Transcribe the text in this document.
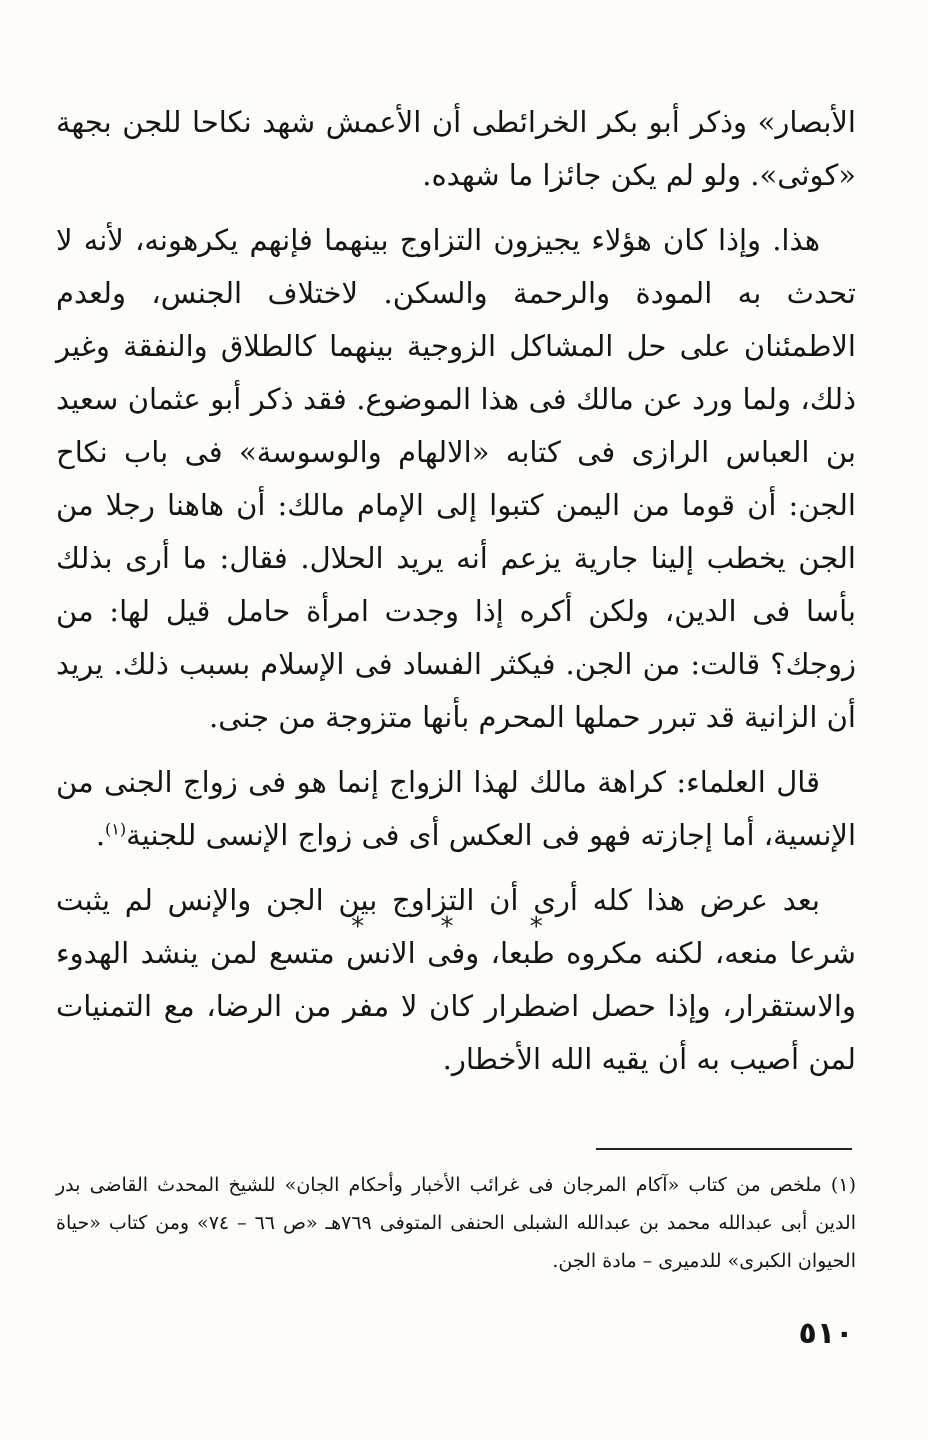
الأبصار» وذكر أبو بكر الخرائطى أن الأعمش شهد نكاحا للجن بجهة «كوثى». ولو لم يكن جائزا ما شهده.

هذا. وإذا كان هؤلاء يجيزون التزاوج بينهما فإنهم يكرهونه، لأنه لا تحدث به المودة والرحمة والسكن. لاختلاف الجنس، ولعدم الاطمئنان على حل المشاكل الزوجية بينهما كالطلاق والنفقة وغير ذلك، ولما ورد عن مالك فى هذا الموضوع. فقد ذكر أبو عثمان سعيد بن العباس الرازى فى كتابه «الالهام والوسوسة» فى باب نكاح الجن: أن قوما من اليمن كتبوا إلى الإمام مالك: أن هاهنا رجلا من الجن يخطب إلينا جارية يزعم أنه يريد الحلال. فقال: ما أرى بذلك بأسا فى الدين، ولكن أكره إذا وجدت امرأة حامل قيل لها: من زوجك؟ قالت: من الجن. فيكثر الفساد فى الإسلام بسبب ذلك. يريد أن الزانية قد تبرر حملها المحرم بأنها متزوجة من جنى.

قال العلماء: كراهة مالك لهذا الزواج إنما هو فى زواج الجنى من الإنسية، أما إجازته فهو فى العكس أى فى زواج الإنسى للجنية$^{(١)}$.

بعد عرض هذا كله أرى أن التزاوج بين الجن والإنس لم يثبت شرعا منعه، لكنه مكروه طبعا، وفى الانس متسع لمن ينشد الهدوء والاستقرار، وإذا حصل اضطرار كان لا مفر من الرضا، مع التمنيات لمن أصيب به أن يقيه الله الأخطار.

* * *

(١) ملخص من كتاب «آكام المرجان فى غرائب الأخبار وأحكام الجان» للشيخ المحدث القاضى بدر الدين أبى عبدالله محمد بن عبدالله الشبلى الحنفى المتوفى ٧٦٩هـ «ص ٦٦ – ٧٤» ومن كتاب «حياة الحيوان الكبرى» للدميرى – مادة الجن.

٥١٠
